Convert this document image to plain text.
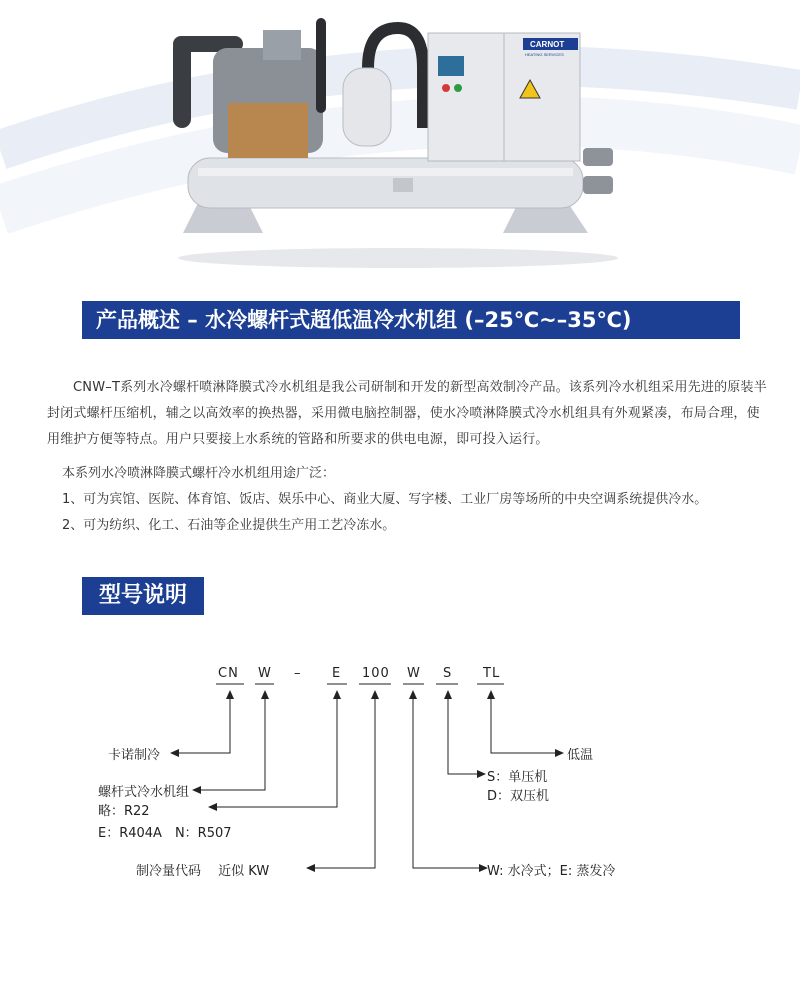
CARNOT
HEATING SERVICES
产品概述 – 水冷螺杆式超低温冷水机组 (–25℃~–35℃)

CNW–T系列水冷螺杆喷淋降膜式冷水机组是我公司研制和开发的新型高效制冷产品。该系列冷水机组采用先进的原装半封闭式螺杆压缩机，辅之以高效率的换热器，采用微电脑控制器，使水冷喷淋降膜式冷水机组具有外观紧凑，布局合理，使用维护方便等特点。用户只要接上水系统的管路和所要求的供电电源，即可投入运行。

本系列水冷喷淋降膜式螺杆冷水机组用途广泛：

1、可为宾馆、医院、体育馆、饭店、娱乐中心、商业大厦、写字楼、工业厂房等场所的中央空调系统提供冷水。

2、可为纺织、化工、石油等企业提供生产用工艺冷冻水。

型号说明
CN W – E 100 W S TL
卡诺制冷
螺杆式冷水机组
略：R22
E：R404A　N：R507
制冷量代码　 近似 KW	W: 水冷式；E: 蒸发冷
S：单压机
D：双压机
低温
